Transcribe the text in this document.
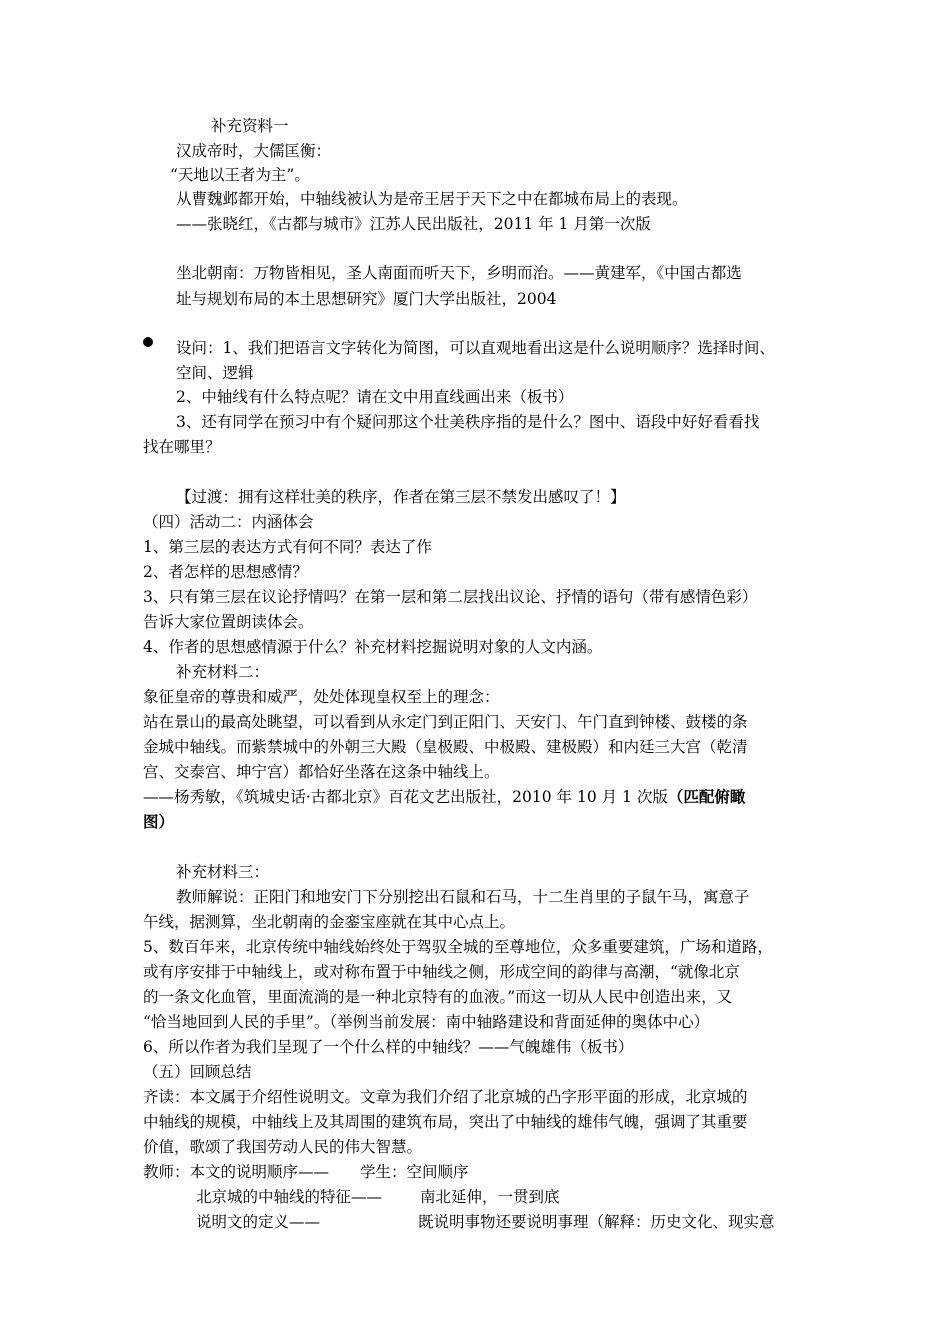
补充资料一
汉成帝时，大儒匡衡：
“天地以王者为主”。
从曹魏邺都开始，中轴线被认为是帝王居于天下之中在都城布局上的表现。
——张晓红，《古都与城市》江苏人民出版社，2011 年 1 月第一次版
坐北朝南：万物皆相见，圣人南面而听天下，乡明而治。——黄建军，《中国古都选
址与规划布局的本土思想研究》厦门大学出版社，2004
设问：1、我们把语言文字转化为简图，可以直观地看出这是什么说明顺序？选择时间、
空间、逻辑
2、中轴线有什么特点呢？请在文中用直线画出来（板书）
3、还有同学在预习中有个疑问那这个壮美秩序指的是什么？图中、语段中好好看看找
找在哪里？
【过渡：拥有这样壮美的秩序，作者在第三层不禁发出感叹了！】
（四）活动二：内涵体会
1、第三层的表达方式有何不同？表达了作
2、者怎样的思想感情？
3、只有第三层在议论抒情吗？在第一层和第二层找出议论、抒情的语句（带有感情色彩）
告诉大家位置朗读体会。
4、作者的思想感情源于什么？补充材料挖掘说明对象的人文内涵。
补充材料二：
象征皇帝的尊贵和威严，处处体现皇权至上的理念：
站在景山的最高处眺望，可以看到从永定门到正阳门、天安门、午门直到钟楼、鼓楼的条
金城中轴线。而紫禁城中的外朝三大殿（皇极殿、中极殿、建极殿）和内廷三大宫（乾清
宫、交泰宫、坤宁宫）都恰好坐落在这条中轴线上。
——杨秀敏，《筑城史话·古都北京》百花文艺出版社，2010 年 10 月 1 次版（匹配俯瞰
图）
补充材料三：
教师解说：正阳门和地安门下分别挖出石鼠和石马，十二生肖里的子鼠午马，寓意子
午线，据测算，坐北朝南的金銮宝座就在其中心点上。
5、数百年来，北京传统中轴线始终处于驾驭全城的至尊地位，众多重要建筑，广场和道路，
或有序安排于中轴线上，或对称布置于中轴线之侧，形成空间的韵律与高潮，“就像北京
的一条文化血管，里面流淌的是一种北京特有的血液。”而这一切从人民中创造出来，又
“恰当地回到人民的手里”。（举例当前发展：南中轴路建设和背面延伸的奥体中心）
6、所以作者为我们呈现了一个什么样的中轴线？——气魄雄伟（板书）
（五）回顾总结
齐读：本文属于介绍性说明文。文章为我们介绍了北京城的凸字形平面的形成，北京城的
中轴线的规模，中轴线上及其周围的建筑布局，突出了中轴线的雄伟气魄，强调了其重要
价值，歌颂了我国劳动人民的伟大智慧。
教师：本文的说明顺序—— 学生：空间顺序
北京城的中轴线的特征—— 南北延伸，一贯到底
说明文的定义——	既说明事物还要说明事理（解释：历史文化、现实意
